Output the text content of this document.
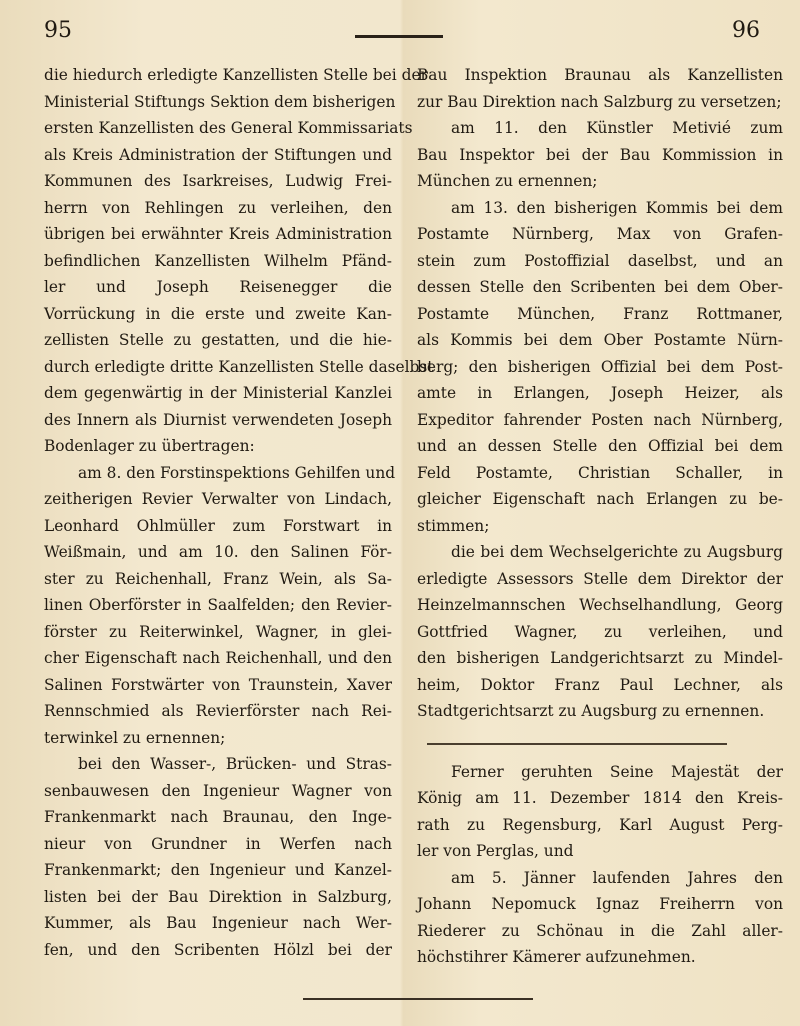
95	96
die hiedurch erledigte Kanzellisten Stelle bei der
Ministerial Stiftungs Sektion dem bisherigen
ersten Kanzellisten des General Kommissariats
als Kreis Administration der Stiftungen und
Kommunen des Isarkreises, Ludwig Frei-
herrn von Rehlingen zu verleihen, den
übrigen bei erwähnter Kreis Administration
befindlichen Kanzellisten Wilhelm Pfänd-
ler und Joseph Reisenegger die
Vorrückung in die erste und zweite Kan-
zellisten Stelle zu gestatten, und die hie-
durch erledigte dritte Kanzellisten Stelle daselbst
dem gegenwärtig in der Ministerial Kanzlei
des Innern als Diurnist verwendeten Joseph
Bodenlager zu übertragen:
am 8. den Forstinspektions Gehilfen und
zeitherigen Revier Verwalter von Lindach,
Leonhard Ohlmüller zum Forstwart in
Weißmain, und am 10. den Salinen För-
ster zu Reichenhall, Franz Wein, als Sa-
linen Oberförster in Saalfelden; den Revier-
förster zu Reiterwinkel, Wagner, in glei-
cher Eigenschaft nach Reichenhall, und den
Salinen Forstwärter von Traunstein, Xaver
Rennschmied als Revierförster nach Rei-
terwinkel zu ernennen;
bei den Wasser-, Brücken- und Stras-
senbauwesen den Ingenieur Wagner von
Frankenmarkt nach Braunau, den Inge-
nieur von Grundner in Werfen nach
Frankenmarkt; den Ingenieur und Kanzel-
listen bei der Bau Direktion in Salzburg,
Kummer, als Bau Ingenieur nach Wer-
fen, und den Scribenten Hölzl bei der
Bau Inspektion Braunau als Kanzellisten
zur Bau Direktion nach Salzburg zu versetzen;
am 11. den Künstler Metivié zum
Bau Inspektor bei der Bau Kommission in
München zu ernennen;
am 13. den bisherigen Kommis bei dem
Postamte Nürnberg, Max von Grafen-
stein zum Postoffizial daselbst, und an
dessen Stelle den Scribenten bei dem Ober-
Postamte München, Franz Rottmaner,
als Kommis bei dem Ober Postamte Nürn-
berg; den bisherigen Offizial bei dem Post-
amte in Erlangen, Joseph Heizer, als
Expeditor fahrender Posten nach Nürnberg,
und an dessen Stelle den Offizial bei dem
Feld Postamte, Christian Schaller, in
gleicher Eigenschaft nach Erlangen zu be-
stimmen;
die bei dem Wechselgerichte zu Augsburg
erledigte Assessors Stelle dem Direktor der
Heinzelmannschen Wechselhandlung, Georg
Gottfried Wagner, zu verleihen, und
den bisherigen Landgerichtsarzt zu Mindel-
heim, Doktor Franz Paul Lechner, als
Stadtgerichtsarzt zu Augsburg zu ernennen.
Ferner geruhten Seine Majestät der
König am 11. Dezember 1814 den Kreis-
rath zu Regensburg, Karl August Perg-
ler von Perglas, und
am 5. Jänner laufenden Jahres den
Johann Nepomuck Ignaz Freiherrn von
Riederer zu Schönau in die Zahl aller-
höchstihrer Kämerer aufzunehmen.
